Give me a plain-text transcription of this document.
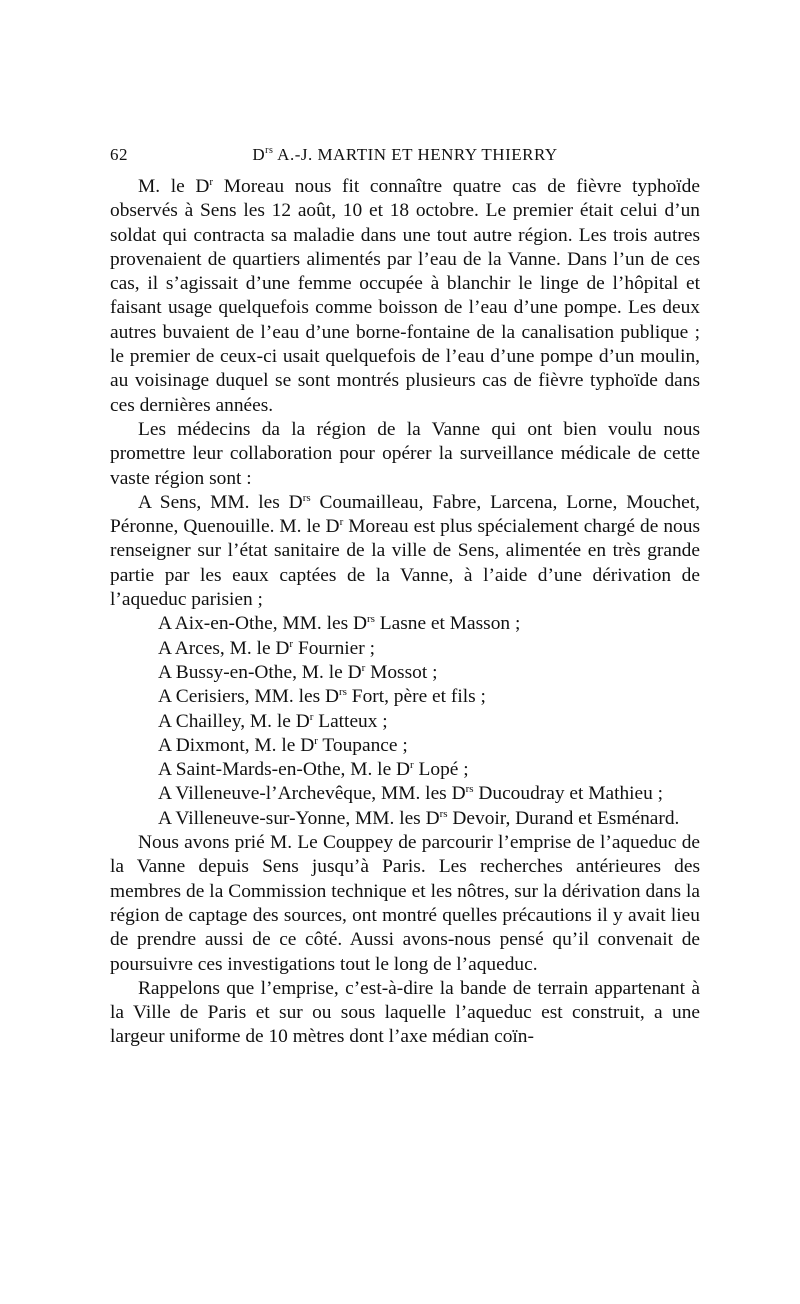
62	$D^{rs}$ A.-J. MARTIN ET HENRY THIERRY

M. le $D^r$ Moreau nous fit connaître quatre cas de fièvre typhoïde observés à Sens les 12 août, 10 et 18 octobre. Le premier était celui d’un soldat qui contracta sa maladie dans une tout autre région. Les trois autres provenaient de quartiers alimentés par l’eau de la Vanne. Dans l’un de ces cas, il s’agissait d’une femme occupée à blanchir le linge de l’hôpital et faisant usage quelquefois comme boisson de l’eau d’une pompe. Les deux autres buvaient de l’eau d’une borne-fontaine de la canalisation publique ; le premier de ceux-ci usait quelquefois de l’eau d’une pompe d’un moulin, au voisinage duquel se sont montrés plusieurs cas de fièvre typhoïde dans ces dernières années.

Les médecins da la région de la Vanne qui ont bien voulu nous promettre leur collaboration pour opérer la surveillance médicale de cette vaste région sont :

A Sens, MM. les $D^{rs}$ Coumailleau, Fabre, Larcena, Lorne, Mouchet, Péronne, Quenouille. M. le $D^r$ Moreau est plus spécialement chargé de nous renseigner sur l’état sanitaire de la ville de Sens, alimentée en très grande partie par les eaux captées de la Vanne, à l’aide d’une dérivation de l’aqueduc parisien ;

A Aix-en-Othe, MM. les $D^{rs}$ Lasne et Masson ;

A Arces, M. le $D^r$ Fournier ;

A Bussy-en-Othe, M. le $D^r$ Mossot ;

A Cerisiers, MM. les $D^{rs}$ Fort, père et fils ;

A Chailley, M. le $D^r$ Latteux ;

A Dixmont, M. le $D^r$ Toupance ;

A Saint-Mards-en-Othe, M. le $D^r$ Lopé ;

A Villeneuve-l’Archevêque, MM. les $D^{rs}$ Ducoudray et Mathieu ;

A Villeneuve-sur-Yonne, MM. les $D^{rs}$ Devoir, Durand et Esménard.

Nous avons prié M. Le Couppey de parcourir l’emprise de l’aqueduc de la Vanne depuis Sens jusqu’à Paris. Les recherches antérieures des membres de la Commission technique et les nôtres, sur la dérivation dans la région de captage des sources, ont montré quelles précautions il y avait lieu de prendre aussi de ce côté. Aussi avons-nous pensé qu’il convenait de poursuivre ces investigations tout le long de l’aqueduc.

Rappelons que l’emprise, c’est-à-dire la bande de terrain appartenant à la Ville de Paris et sur ou sous laquelle l’aqueduc est construit, a une largeur uniforme de 10 mètres dont l’axe médian coïn-
